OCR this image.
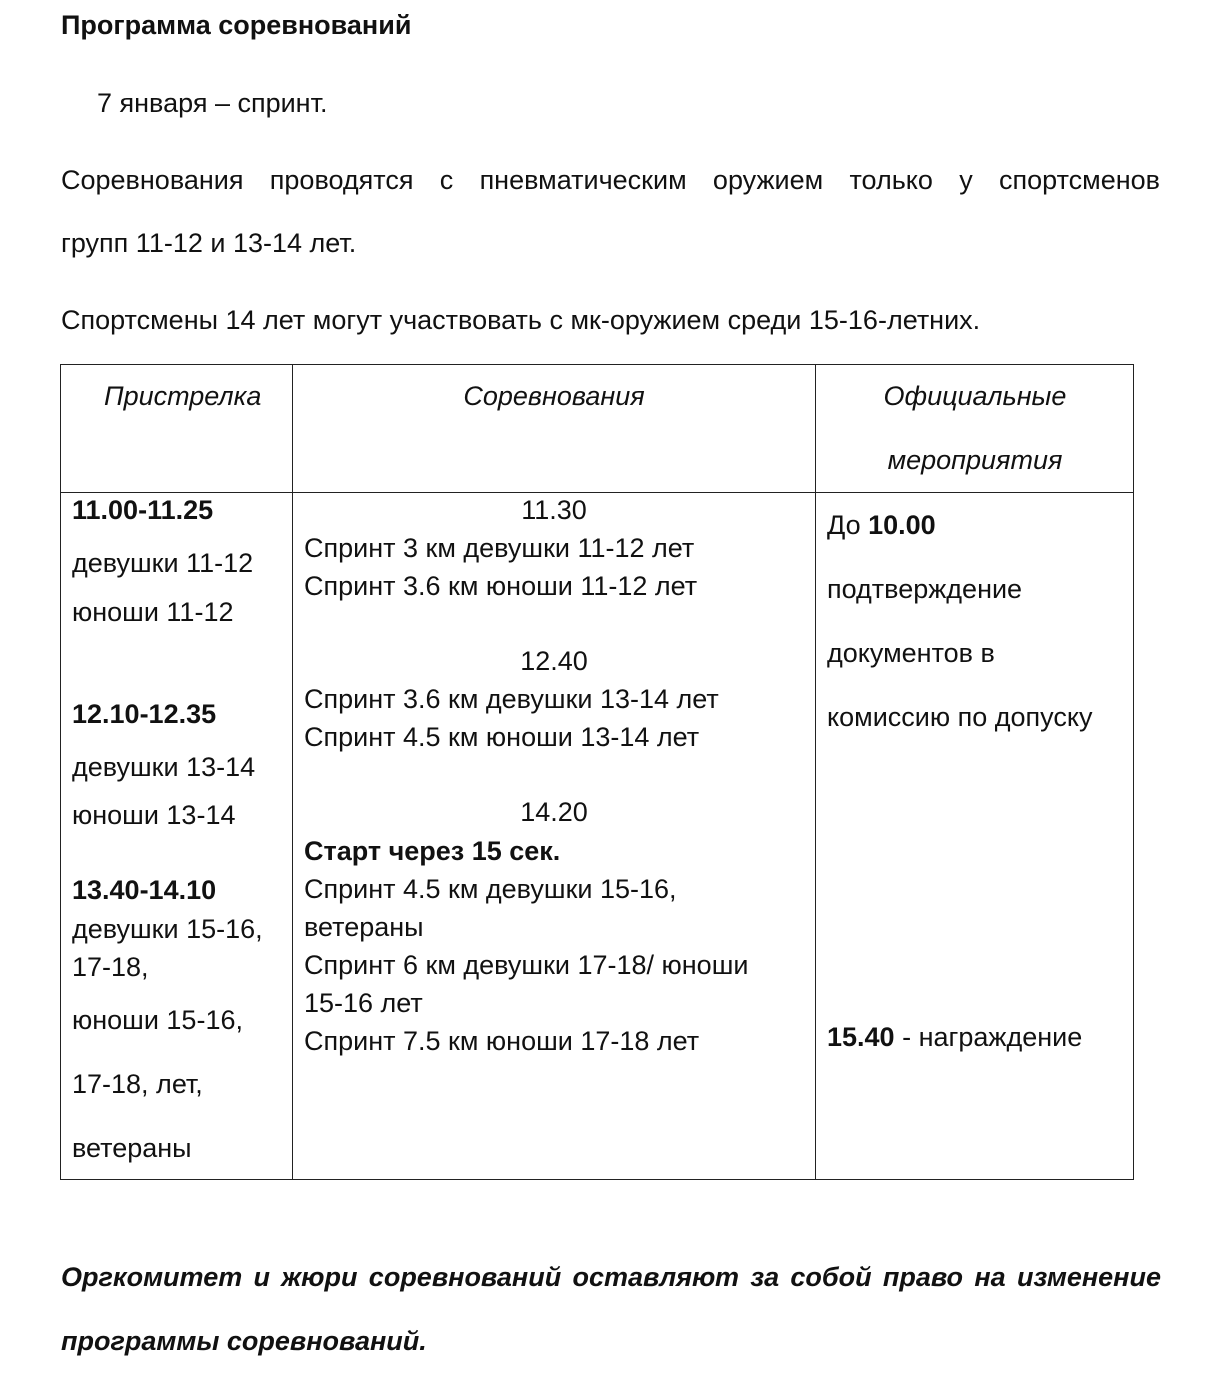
Программа соревнований
7 января – спринт.
Соревнования проводятся с пневматическим оружием только у спортсменов
групп 11-12 и 13-14 лет.
Спортсмены 14 лет могут участвовать с мк-оружием среди 15-16-летних.
Пристрелка	Соревнования	Официальные
мероприятия
11.00-11.25
девушки 11-12
юноши 11-12
12.10-12.35
девушки 13-14
юноши 13-14
13.40-14.10
девушки 15-16,
17-18,
юноши 15-16,
17-18, лет,
ветераны
11.30
Спринт 3 км девушки 11-12 лет
Спринт 3.6 км юноши 11-12 лет
12.40
Спринт 3.6 км девушки 13-14 лет
Спринт 4.5 км юноши 13-14 лет
14.20
Старт через 15 сек.
Спринт 4.5 км девушки 15-16,
ветераны
Спринт 6 км девушки 17-18/ юноши
15-16 лет
Спринт 7.5 км юноши 17-18 лет
До 10.00
подтверждение
документов в
комиссию по допуску
15.40 - награждение
Оргкомитет и жюри соревнований оставляют за собой право на изменение
программы соревнований.
